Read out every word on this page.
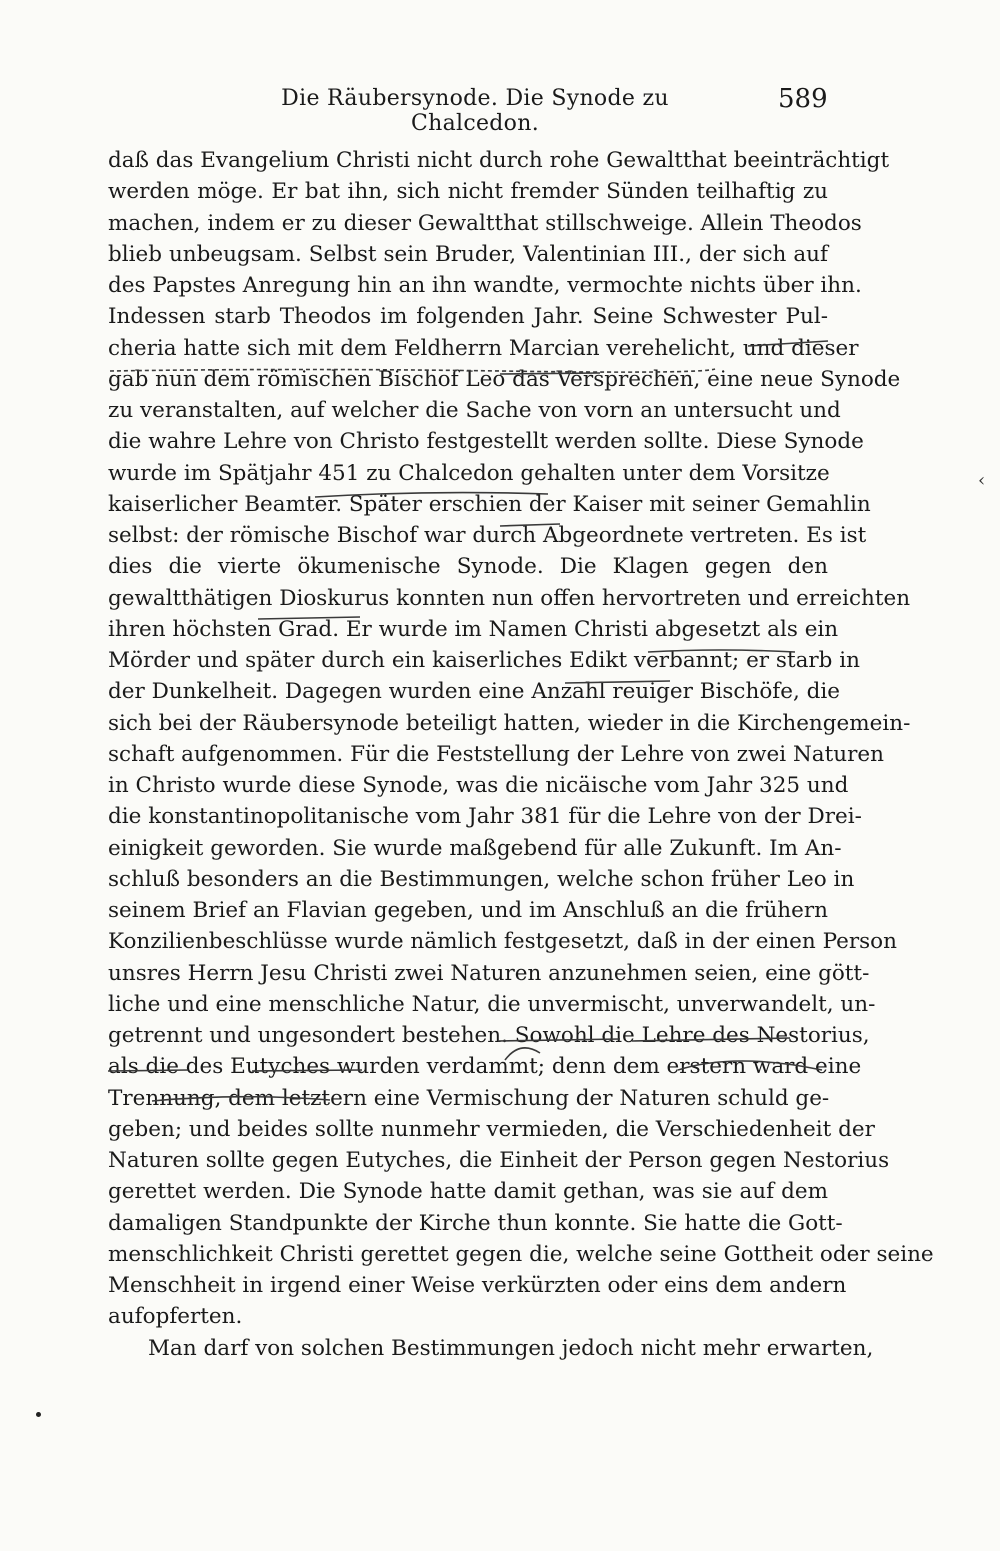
Die Räubersynode. Die Synode zu Chalcedon.
589
daß das Evangelium Christi nicht durch rohe Gewaltthat beeinträchtigt
werden möge. Er bat ihn, sich nicht fremder Sünden teilhaftig zu
machen, indem er zu dieser Gewaltthat stillschweige. Allein Theodos
blieb unbeugsam. Selbst sein Bruder, Valentinian III., der sich auf
des Papstes Anregung hin an ihn wandte, vermochte nichts über ihn.
Indessen starb Theodos im folgenden Jahr. Seine Schwester Pul-
cheria hatte sich mit dem Feldherrn Marcian verehelicht, und dieser
gab nun dem römischen Bischof Leo das Versprechen, eine neue Synode
zu veranstalten, auf welcher die Sache von vorn an untersucht und
die wahre Lehre von Christo festgestellt werden sollte. Diese Synode
wurde im Spätjahr 451 zu Chalcedon gehalten unter dem Vorsitze
kaiserlicher Beamter. Später erschien der Kaiser mit seiner Gemahlin
selbst: der römische Bischof war durch Abgeordnete vertreten. Es ist
dies die vierte ökumenische Synode. Die Klagen gegen den
gewaltthätigen Dioskurus konnten nun offen hervortreten und erreichten
ihren höchsten Grad. Er wurde im Namen Christi abgesetzt als ein
Mörder und später durch ein kaiserliches Edikt verbannt; er starb in
der Dunkelheit. Dagegen wurden eine Anzahl reuiger Bischöfe, die
sich bei der Räubersynode beteiligt hatten, wieder in die Kirchengemein-
schaft aufgenommen. Für die Feststellung der Lehre von zwei Naturen
in Christo wurde diese Synode, was die nicäische vom Jahr 325 und
die konstantinopolitanische vom Jahr 381 für die Lehre von der Drei-
einigkeit geworden. Sie wurde maßgebend für alle Zukunft. Im An-
schluß besonders an die Bestimmungen, welche schon früher Leo in
seinem Brief an Flavian gegeben, und im Anschluß an die frühern
Konzilienbeschlüsse wurde nämlich festgesetzt, daß in der einen Person
unsres Herrn Jesu Christi zwei Naturen anzunehmen seien, eine gött-
liche und eine menschliche Natur, die unvermischt, unverwandelt, un-
getrennt und ungesondert bestehen. Sowohl die Lehre des Nestorius,
als die des Eutyches wurden verdammt; denn dem erstern ward eine
Trennung, dem letztern eine Vermischung der Naturen schuld ge-
geben; und beides sollte nunmehr vermieden, die Verschiedenheit der
Naturen sollte gegen Eutyches, die Einheit der Person gegen Nestorius
gerettet werden. Die Synode hatte damit gethan, was sie auf dem
damaligen Standpunkte der Kirche thun konnte. Sie hatte die Gott-
menschlichkeit Christi gerettet gegen die, welche seine Gottheit oder seine
Menschheit in irgend einer Weise verkürzten oder eins dem andern
aufopferten.
Man darf von solchen Bestimmungen jedoch nicht mehr erwarten,
‹
